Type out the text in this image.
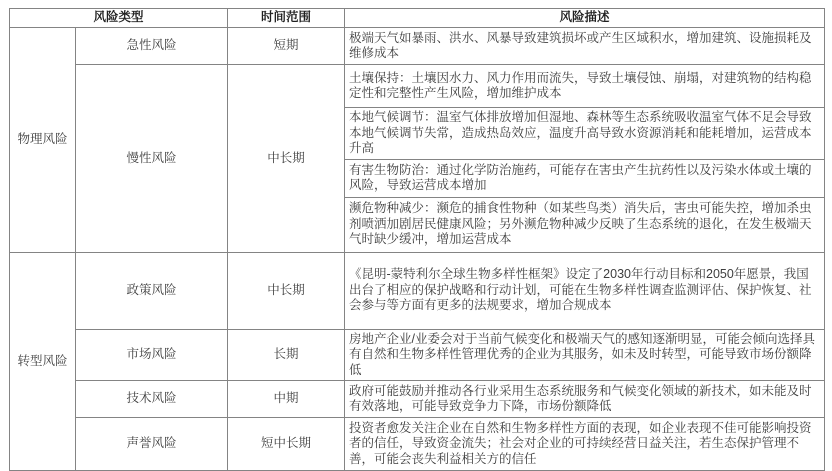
风险类型		时间范围	风险描述
物理风险	急性风险	短期	极端天气如暴雨、洪水、风暴导致建筑损坏或产生区域积水，增加建筑、设施损耗及维修成本
	慢性风险	中长期	土壤保持：土壤因水力、风力作用而流失，导致土壤侵蚀、崩塌，对建筑物的结构稳定性和完整性产生风险，增加维护成本
			本地气候调节：温室气体排放增加但湿地、森林等生态系统吸收温室气体不足会导致本地气候调节失常，造成热岛效应，温度升高导致水资源消耗和能耗增加，运营成本升高
			有害生物防治：通过化学防治施药，可能存在害虫产生抗药性以及污染水体或土壤的风险，导致运营成本增加
			濒危物种减少：濒危的捕食性物种（如某些鸟类）消失后，害虫可能失控，增加杀虫剂喷洒加剧居民健康风险；另外濒危物种减少反映了生态系统的退化，在发生极端天气时缺少缓冲，增加运营成本
转型风险	政策风险	中长期	《昆明-蒙特利尔全球生物多样性框架》设定了2030年行动目标和2050年愿景，我国出台了相应的保护战略和行动计划，可能在生物多样性调查监测评估、保护恢复、社会参与等方面有更多的法规要求，增加合规成本
	市场风险	长期	房地产企业/业委会对于当前气候变化和极端天气的感知逐渐明显，可能会倾向选择具有自然和生物多样性管理优秀的企业为其服务，如未及时转型，可能导致市场份额降低
	技术风险	中期	政府可能鼓励并推动各行业采用生态系统服务和气候变化领域的新技术，如未能及时有效落地，可能导致竞争力下降，市场份额降低
	声誉风险	短中长期	投资者愈发关注企业在自然和生物多样性方面的表现，如企业表现不佳可能影响投资者的信任，导致资金流失；社会对企业的可持续经营日益关注，若生态保护管理不善，可能会丧失利益相关方的信任
